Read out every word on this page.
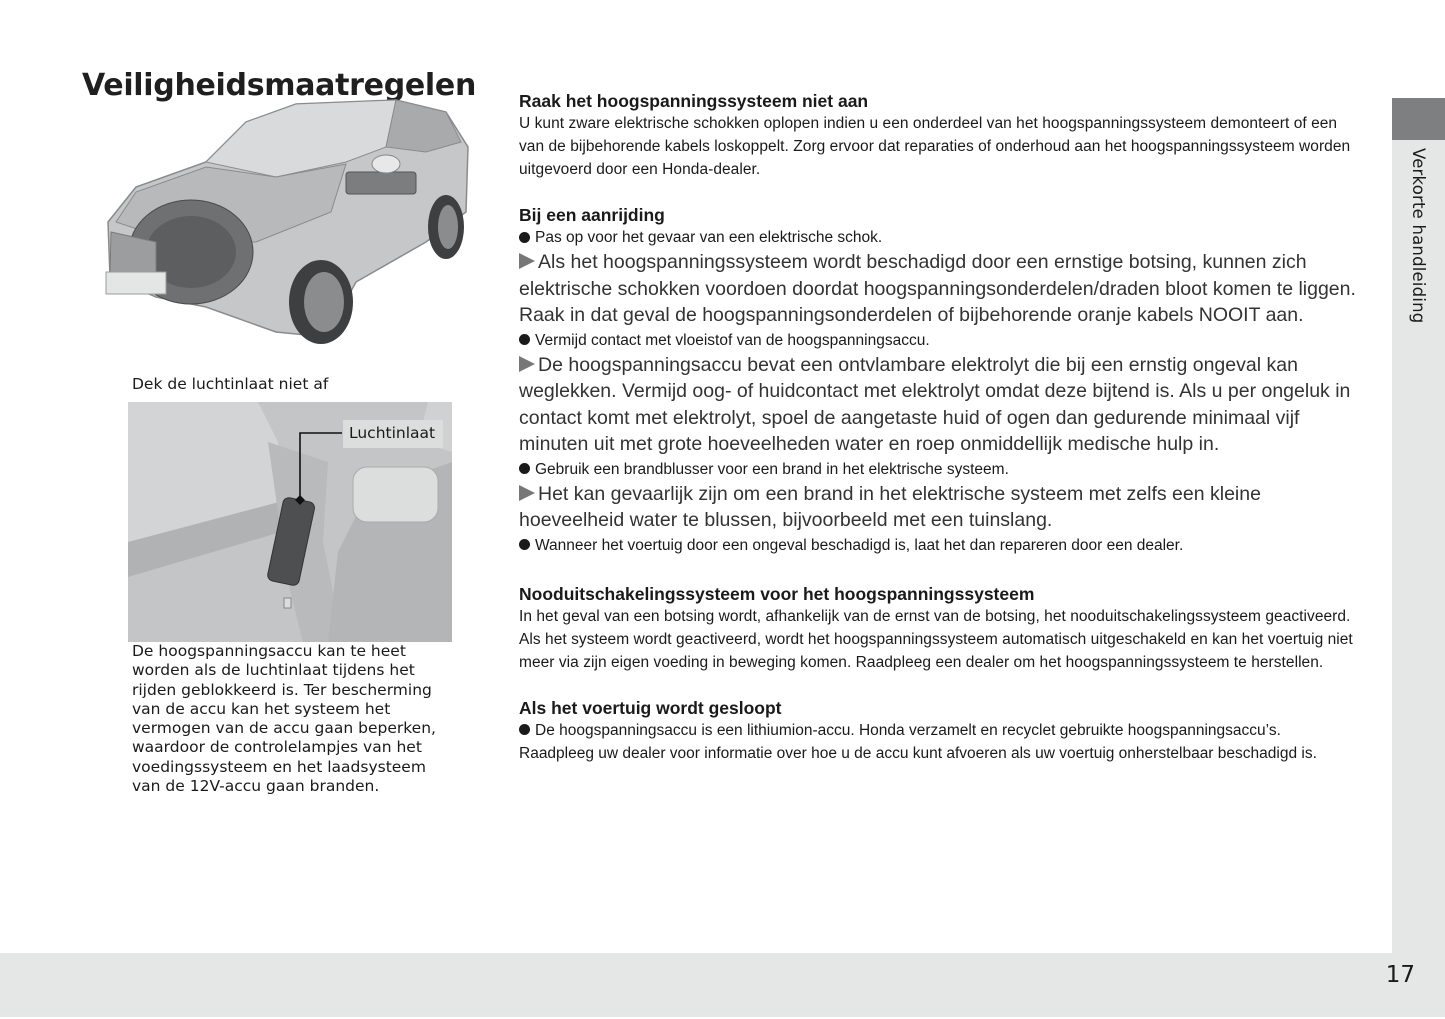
Veiligheidsmaatregelen
Dek de luchtinlaat niet af
Luchtinlaat
De hoogspanningsaccu kan te heet worden als de luchtinlaat tijdens het rijden geblokkeerd is. Ter bescherming van de accu kan het systeem het vermogen van de accu gaan beperken, waardoor de controlelampjes van het voedingssysteem en het laadsysteem van de 12V-accu gaan branden.
Raak het hoogspanningssysteem niet aan

U kunt zware elektrische schokken oplopen indien u een onderdeel van het hoogspanningssysteem demonteert of een van de bijbehorende kabels loskoppelt. Zorg ervoor dat reparaties of onderhoud aan het hoogspanningssysteem worden uitgevoerd door een Honda-dealer.

Bij een aanrijding

Pas op voor het gevaar van een elektrische schok.

Als het hoogspanningssysteem wordt beschadigd door een ernstige botsing, kunnen zich elektrische schokken voordoen doordat hoogspanningsonderdelen/draden bloot komen te liggen. Raak in dat geval de hoogspanningsonderdelen of bijbehorende oranje kabels NOOIT aan.

Vermijd contact met vloeistof van de hoogspanningsaccu.

De hoogspanningsaccu bevat een ontvlambare elektrolyt die bij een ernstig ongeval kan weglekken. Vermijd oog- of huidcontact met elektrolyt omdat deze bijtend is. Als u per ongeluk in contact komt met elektrolyt, spoel de aangetaste huid of ogen dan gedurende minimaal vijf minuten uit met grote hoeveelheden water en roep onmiddellijk medische hulp in.

Gebruik een brandblusser voor een brand in het elektrische systeem.

Het kan gevaarlijk zijn om een brand in het elektrische systeem met zelfs een kleine hoeveelheid water te blussen, bijvoorbeeld met een tuinslang.

Wanneer het voertuig door een ongeval beschadigd is, laat het dan repareren door een dealer.

Nooduitschakelingssysteem voor het hoogspanningssysteem

In het geval van een botsing wordt, afhankelijk van de ernst van de botsing, het nooduitschakelingssysteem geactiveerd. Als het systeem wordt geactiveerd, wordt het hoogspanningssysteem automatisch uitgeschakeld en kan het voertuig niet meer via zijn eigen voeding in beweging komen. Raadpleeg een dealer om het hoogspanningssysteem te herstellen.

Als het voertuig wordt gesloopt

De hoogspanningsaccu is een lithiumion-accu. Honda verzamelt en recyclet gebruikte hoogspanningsaccu’s. Raadpleeg uw dealer voor informatie over hoe u de accu kunt afvoeren als uw voertuig onherstelbaar beschadigd is.

Verkorte handleiding
17
